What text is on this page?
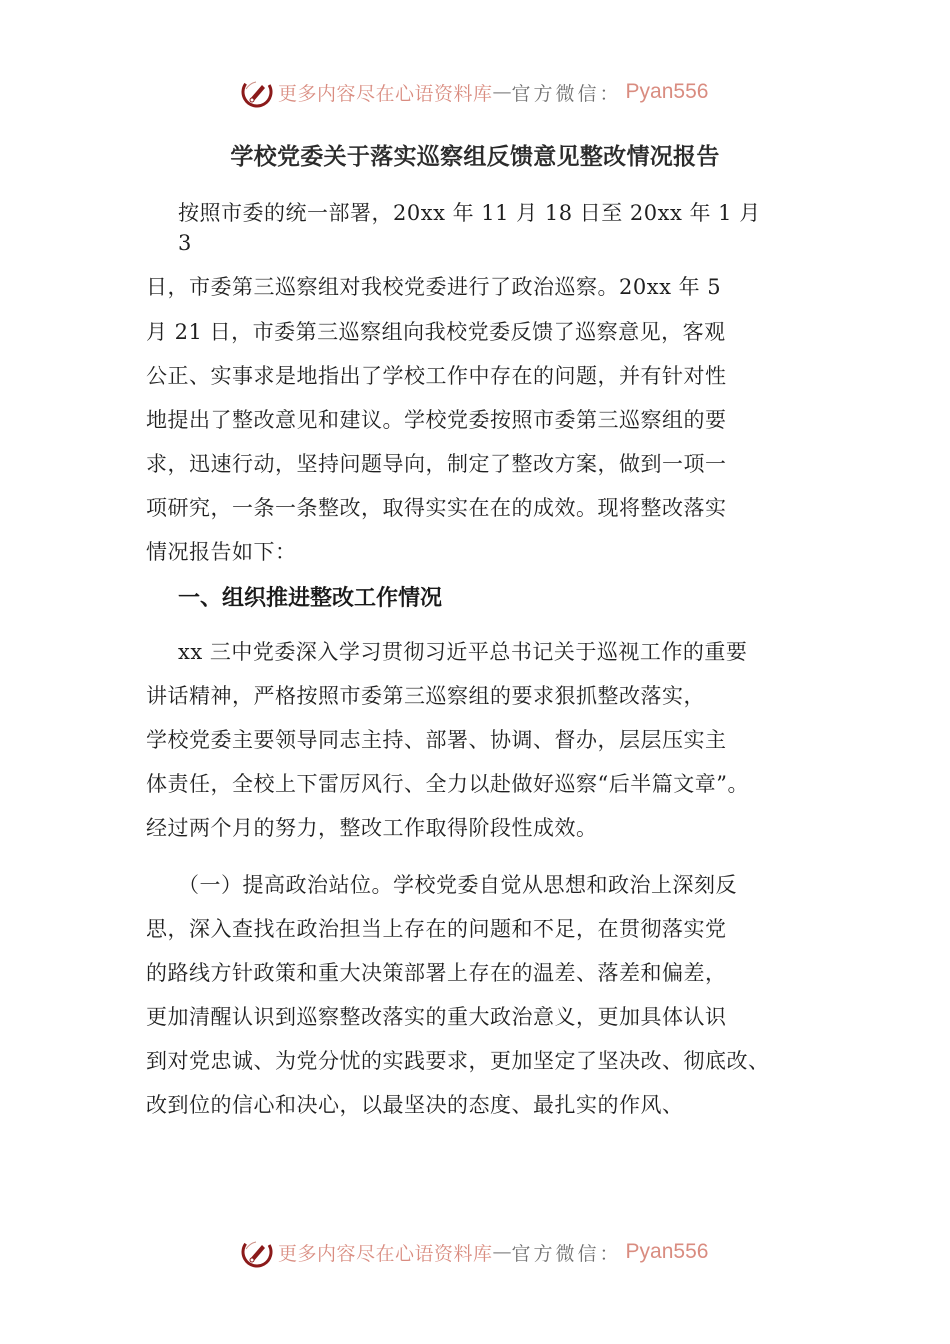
更多内容尽在心语资料库 — 官方微信： Pyan556
学校党委关于落实巡察组反馈意见整改情况报告
按照市委的统一部署，20xx 年 11 月 18 日至 20xx 年 1 月
3
日，市委第三巡察组对我校党委进行了政治巡察。20xx 年 5
月 21 日，市委第三巡察组向我校党委反馈了巡察意见，客观
公正、实事求是地指出了学校工作中存在的问题，并有针对性
地提出了整改意见和建议。学校党委按照市委第三巡察组的要
求，迅速行动，坚持问题导向，制定了整改方案，做到一项一
项研究，一条一条整改，取得实实在在的成效。现将整改落实
情况报告如下：
一、组织推进整改工作情况
xx 三中党委深入学习贯彻习近平总书记关于巡视工作的重要
讲话精神，严格按照市委第三巡察组的要求狠抓整改落实，
学校党委主要领导同志主持、部署、协调、督办，层层压实主
体责任，全校上下雷厉风行、全力以赴做好巡察“后半篇文章”。
经过两个月的努力，整改工作取得阶段性成效。
（一）提高政治站位。学校党委自觉从思想和政治上深刻反
思，深入查找在政治担当上存在的问题和不足，在贯彻落实党
的路线方针政策和重大决策部署上存在的温差、落差和偏差，
更加清醒认识到巡察整改落实的重大政治意义，更加具体认识
到对党忠诚、为党分忧的实践要求，更加坚定了坚决改、彻底改、
改到位的信心和决心，以最坚决的态度、最扎实的作风、
更多内容尽在心语资料库 — 官方微信： Pyan556
